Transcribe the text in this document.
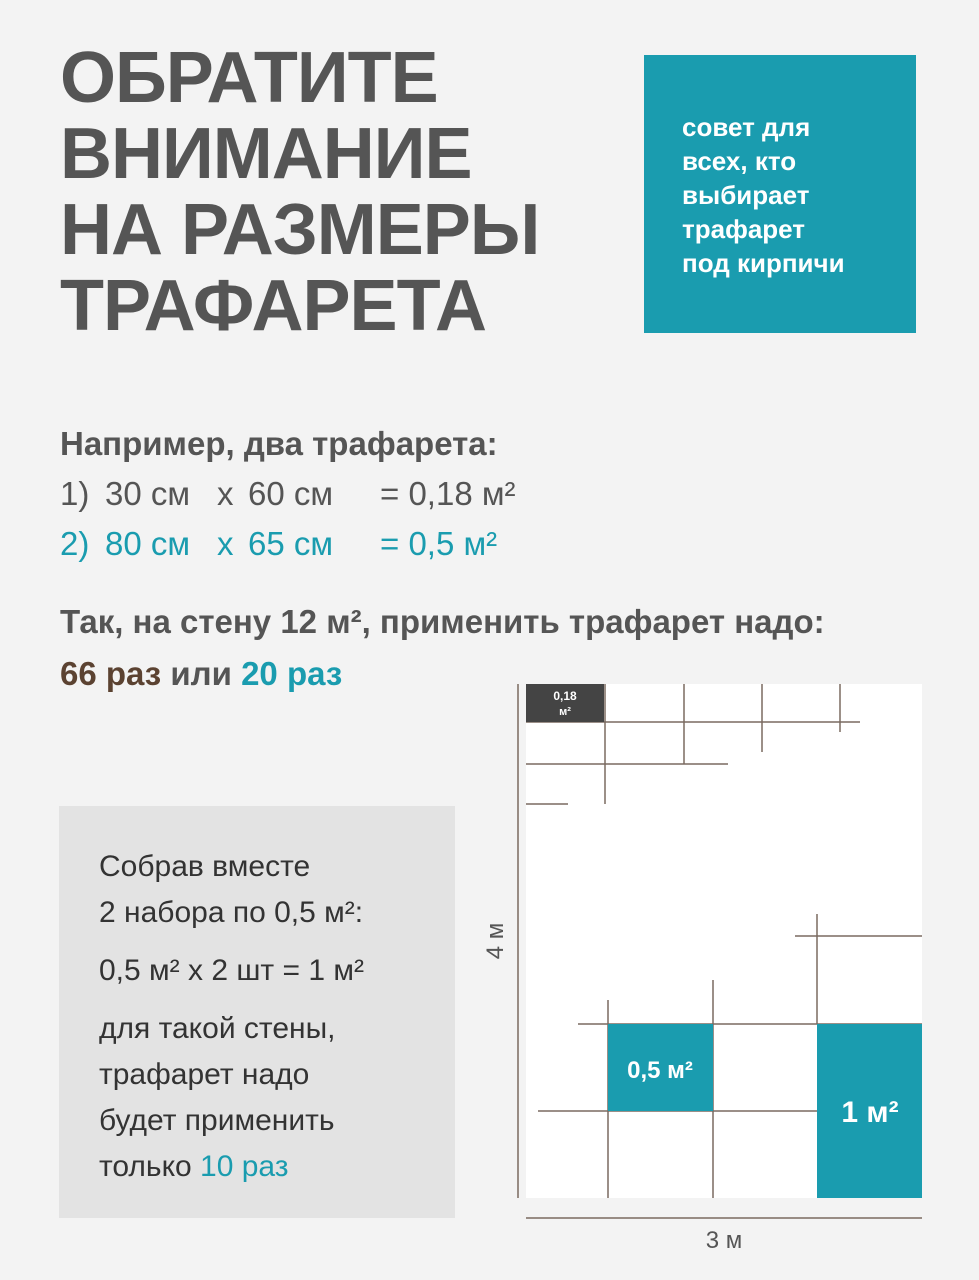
ОБРАТИТЕ
ВНИМАНИЕ
НА РАЗМЕРЫ
ТРАФАРЕТА
совет для
всех, кто
выбирает
трафарет
под кирпичи
Например, два трафарета:
1) 30 см x 60 см = 0,18 м²
2) 80 см x 65 см = 0,5 м²
Так, на стену 12 м², применить трафарет надо:
66 раз или 20 раз
Собрав вместе
2 набора по 0,5 м²:
0,5 м² x 2 шт = 1 м²
для такой стены,
трафарет надо
будет применить
только 10 раз
0,18
м²
0,5 м²
1 м²
4 м
3 м
